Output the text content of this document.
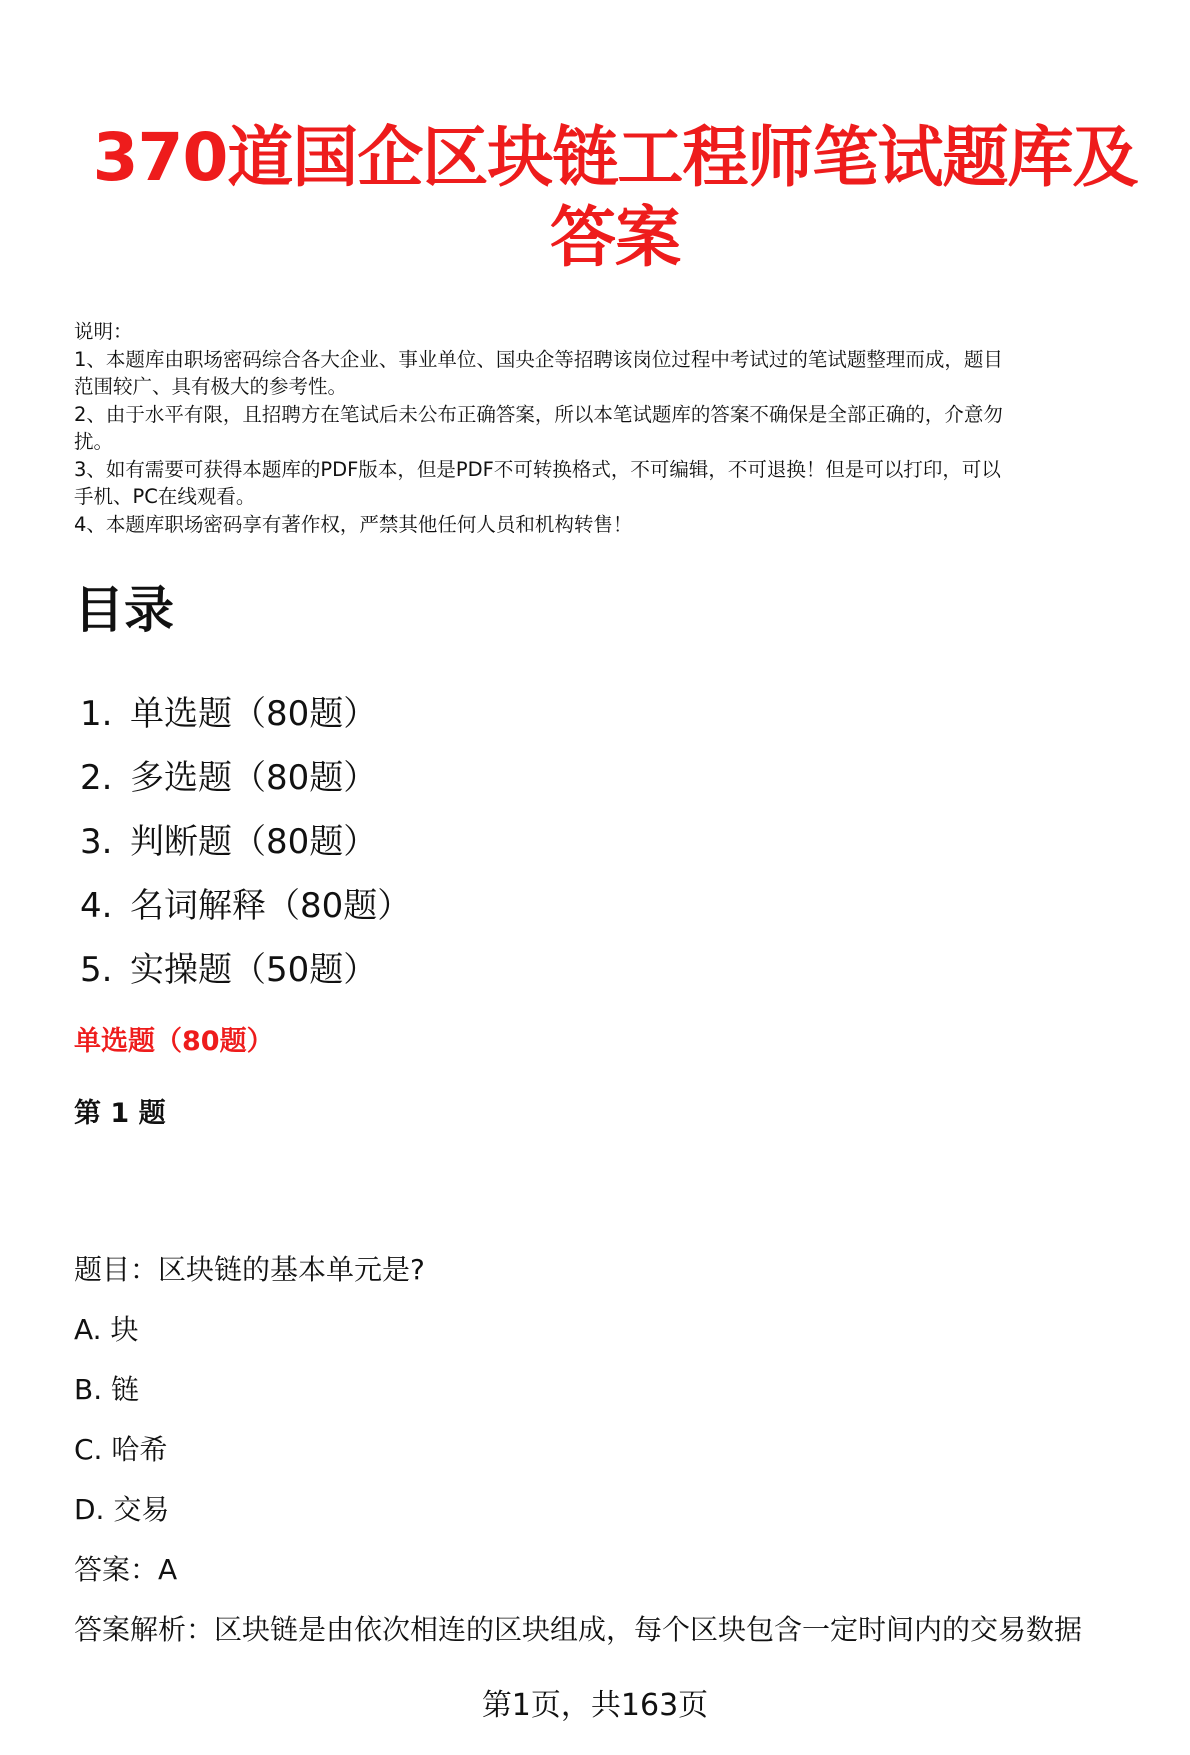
370道国企区块链工程师笔试题库及
答案
说明：
1、本题库由职场密码综合各大企业、事业单位、国央企等招聘该岗位过程中考试过的笔试题整理而成，题目
范围较广、具有极大的参考性。
2、由于水平有限，且招聘方在笔试后未公布正确答案，所以本笔试题库的答案不确保是全部正确的，介意勿
扰。
3、如有需要可获得本题库的PDF版本，但是PDF不可转换格式，不可编辑，不可退换！但是可以打印，可以
手机、PC在线观看。
4、本题库职场密码享有著作权，严禁其他任何人员和机构转售！
目录
1. 单选题（80题）
2. 多选题（80题）
3. 判断题（80题）
4. 名词解释（80题）
5. 实操题（50题）
单选题（80题）
第 1 题
题目：区块链的基本单元是?
A. 块
B. 链
C. 哈希
D. 交易
答案：A
答案解析：区块链是由依次相连的区块组成，每个区块包含一定时间内的交易数据
第1页，共163页
